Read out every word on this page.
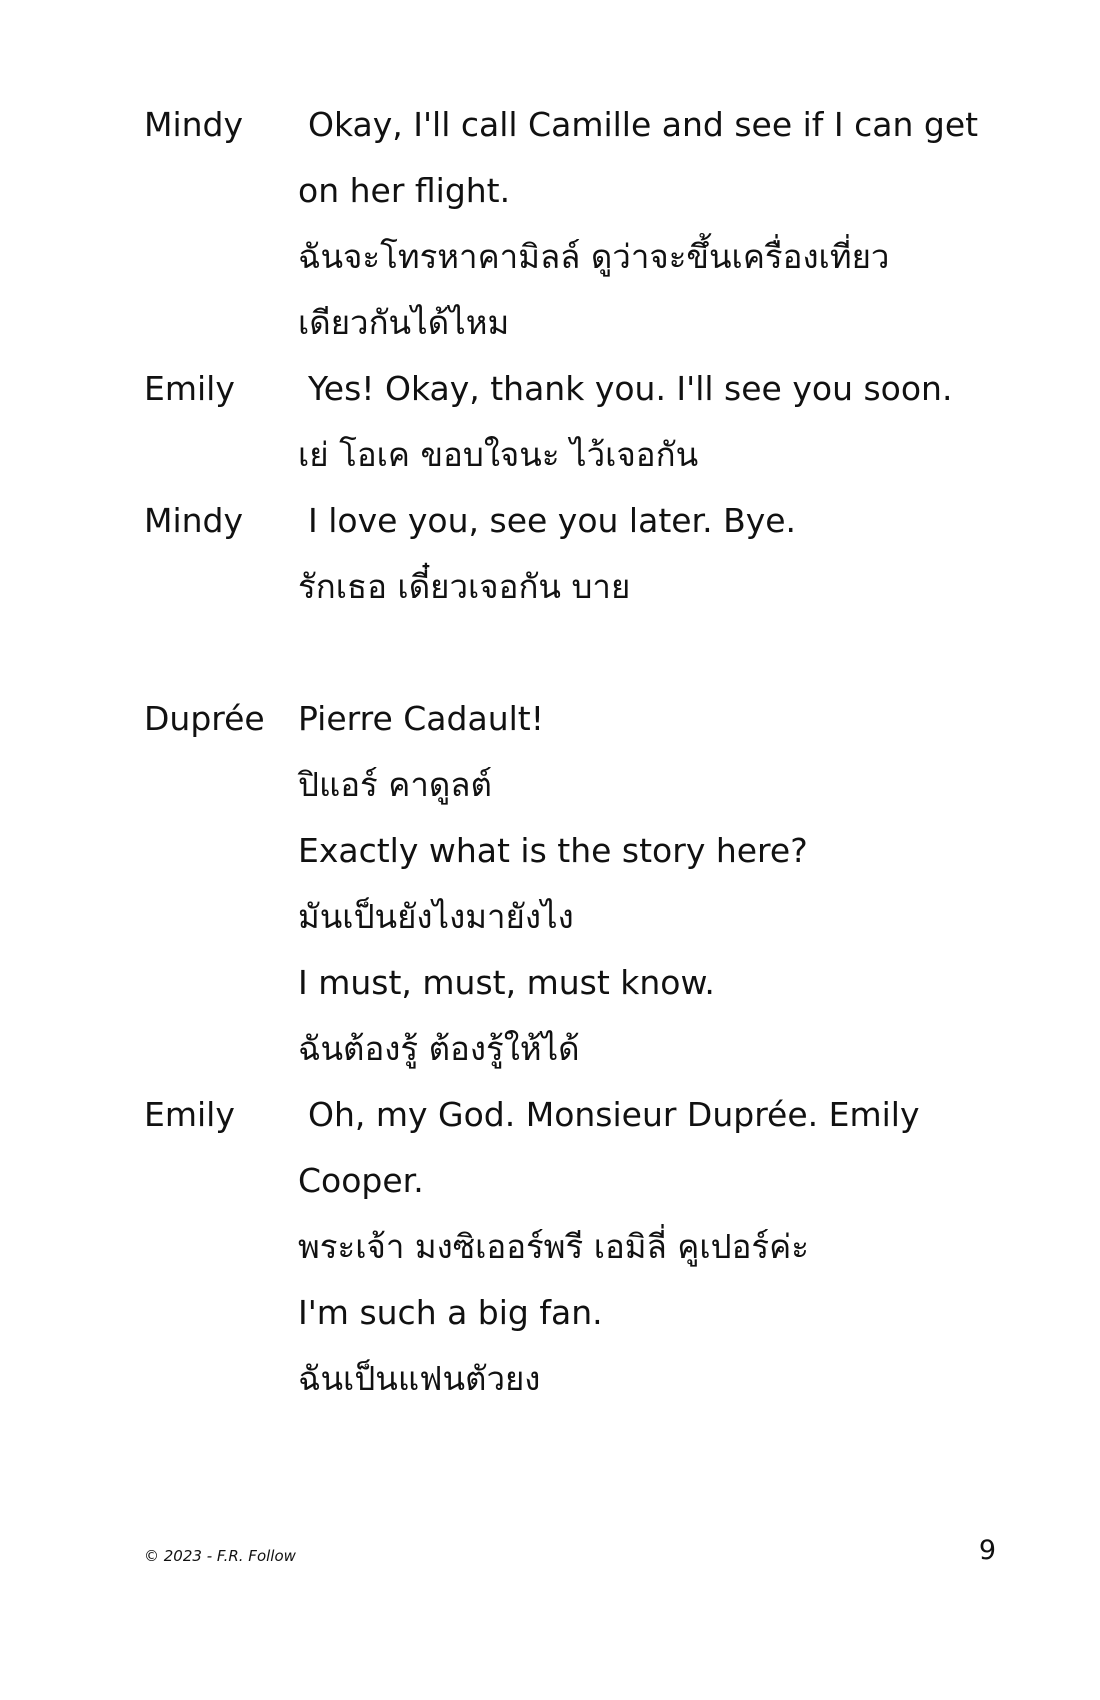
Mindy	Okay, I'll call Camille and see if I can get
on her flight.
ฉันจะโทรหาคามิลล์ ดูว่าจะขึ้นเครื่องเที่ยว
เดียวกันได้ไหม
Emily	Yes! Okay, thank you. I'll see you soon.
เย่ โอเค ขอบใจนะ ไว้เจอกัน
Mindy	I love you, see you later. Bye.
รักเธอ เดี๋ยวเจอกัน บาย
Duprée	Pierre Cadault!
ปิแอร์ คาดูลต์
Exactly what is the story here?
มันเป็นยังไงมายังไง
I must, must, must know.
ฉันต้องรู้ ต้องรู้ให้ได้
Emily	Oh, my God. Monsieur Duprée. Emily
Cooper.
พระเจ้า มงซิเออร์พรี เอมิลี่ คูเปอร์ค่ะ
I'm such a big fan.
ฉันเป็นแฟนตัวยง
© 2023 - F.R. Follow	9
